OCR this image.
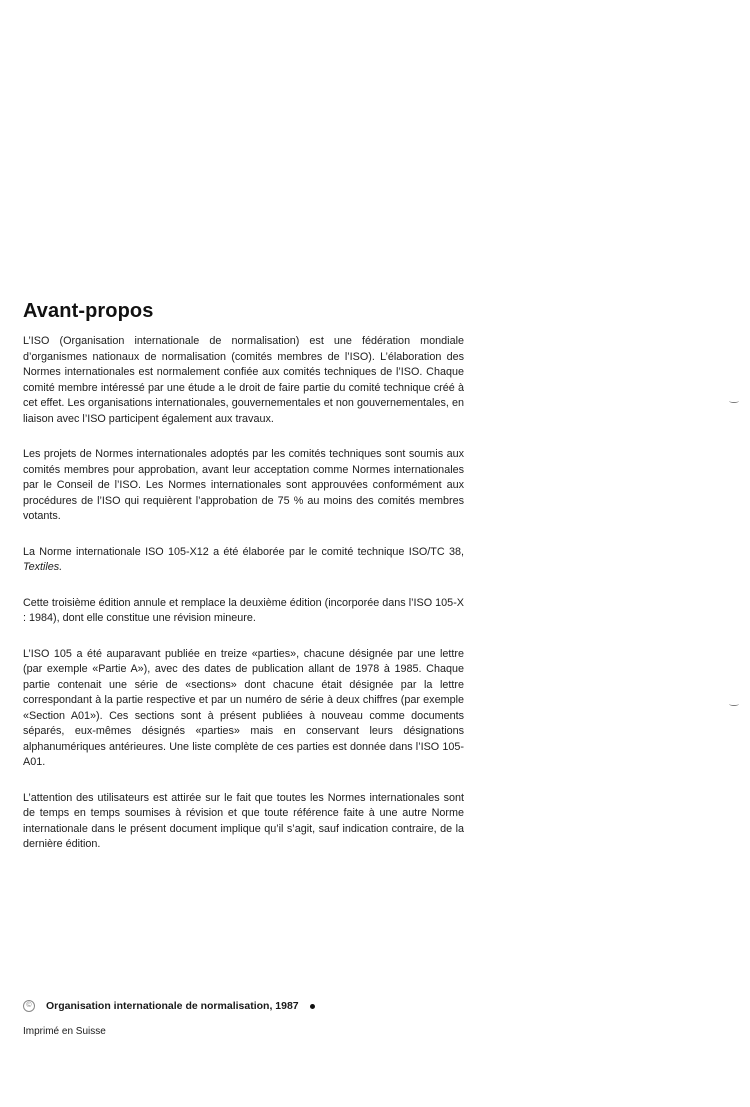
Avant-propos

L’ISO (Organisation internationale de normalisation) est une fédération mondiale d’organismes nationaux de normalisation (comités membres de l’ISO). L’élaboration des Normes internationales est normalement confiée aux comités techniques de l’ISO. Chaque comité membre intéressé par une étude a le droit de faire partie du comité technique créé à cet effet. Les organisations internationales, gouvernementales et non gouvernementales, en liaison avec l’ISO participent également aux travaux.

Les projets de Normes internationales adoptés par les comités techniques sont soumis aux comités membres pour approbation, avant leur acceptation comme Normes internationales par le Conseil de l’ISO. Les Normes internationales sont approuvées conformément aux procédures de l’ISO qui requièrent l’approbation de 75 % au moins des comités membres votants.

La Norme internationale ISO 105-X12 a été élaborée par le comité technique ISO/TC 38, Textiles.

Cette troisième édition annule et remplace la deuxième édition (incorporée dans l’ISO 105-X : 1984), dont elle constitue une révision mineure.

L’ISO 105 a été auparavant publiée en treize «parties», chacune désignée par une lettre (par exemple «Partie A»), avec des dates de publication allant de 1978 à 1985. Chaque partie contenait une série de «sections» dont chacune était désignée par la lettre correspondant à la partie respective et par un numéro de série à deux chiffres (par exemple «Section A01»). Ces sections sont à présent publiées à nouveau comme documents séparés, eux-mêmes désignés «parties» mais en conservant leurs désignations alphanumériques antérieures. Une liste complète de ces parties est donnée dans l’ISO 105-A01.

L’attention des utilisateurs est attirée sur le fait que toutes les Normes internationales sont de temps en temps soumises à révision et que toute référence faite à une autre Norme internationale dans le présent document implique qu’il s’agit, sauf indication contraire, de la dernière édition.

©	Organisation internationale de normalisation, 1987
Imprimé en Suisse
